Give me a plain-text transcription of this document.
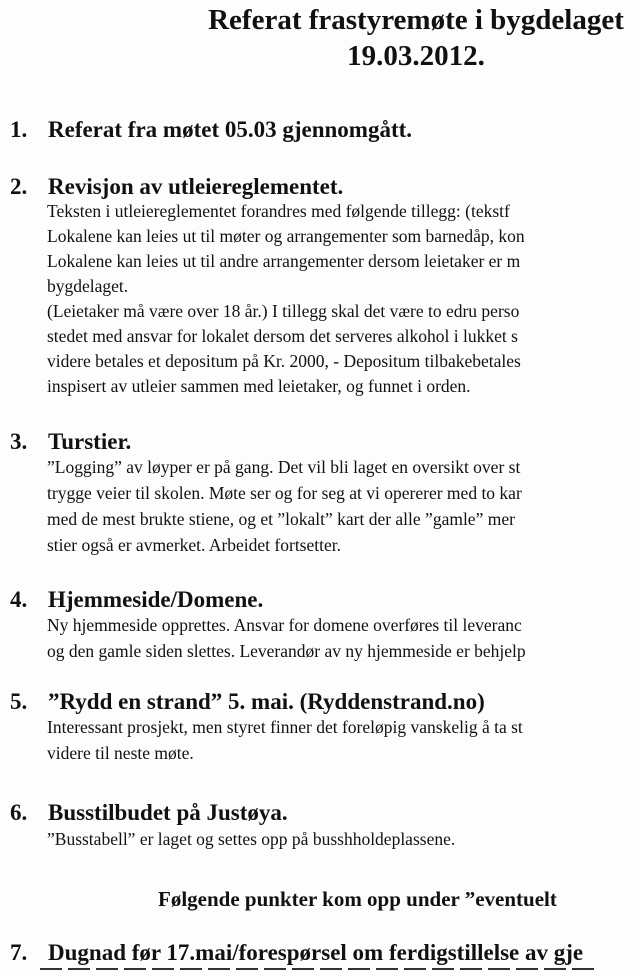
Referat frastyremøte i bygdelaget
19.03.2012.
1. Referat fra møtet 05.03 gjennomgått.
2. Revisjon av utleiereglementet.
Teksten i utleiereglementet forandres med følgende tillegg: (tekstf
Lokalene kan leies ut til møter og arrangementer som barnedåp, kon
Lokalene kan leies ut til andre arrangementer dersom leietaker er m
bygdelaget.
(Leietaker må være over 18 år.) I tillegg skal det være to edru perso
stedet med ansvar for lokalet dersom det serveres alkohol i lukket s
videre betales et depositum på Kr. 2000, - Depositum tilbakebetales
inspisert av utleier sammen med leietaker, og funnet i orden.
3. Turstier.
”Logging” av løyper er på gang. Det vil bli laget en oversikt over st
trygge veier til skolen. Møte ser og for seg at vi opererer med to kar
med de mest brukte stiene, og et ”lokalt” kart der alle ”gamle” mer
stier også er avmerket. Arbeidet fortsetter.
4. Hjemmeside/Domene.
Ny hjemmeside opprettes. Ansvar for domene overføres til leveranc
og den gamle siden slettes. Leverandør av ny hjemmeside er behjelp
5. ”Rydd en strand” 5. mai. (Ryddenstrand.no)
Interessant prosjekt, men styret finner det foreløpig vanskelig å ta st
videre til neste møte.
6. Busstilbudet på Justøya.
”Busstabell” er laget og settes opp på busshholdeplassene.
Følgende punkter kom opp under ”eventuelt
7. Dugnad før 17.mai/forespørsel om ferdigstillelse av gje
